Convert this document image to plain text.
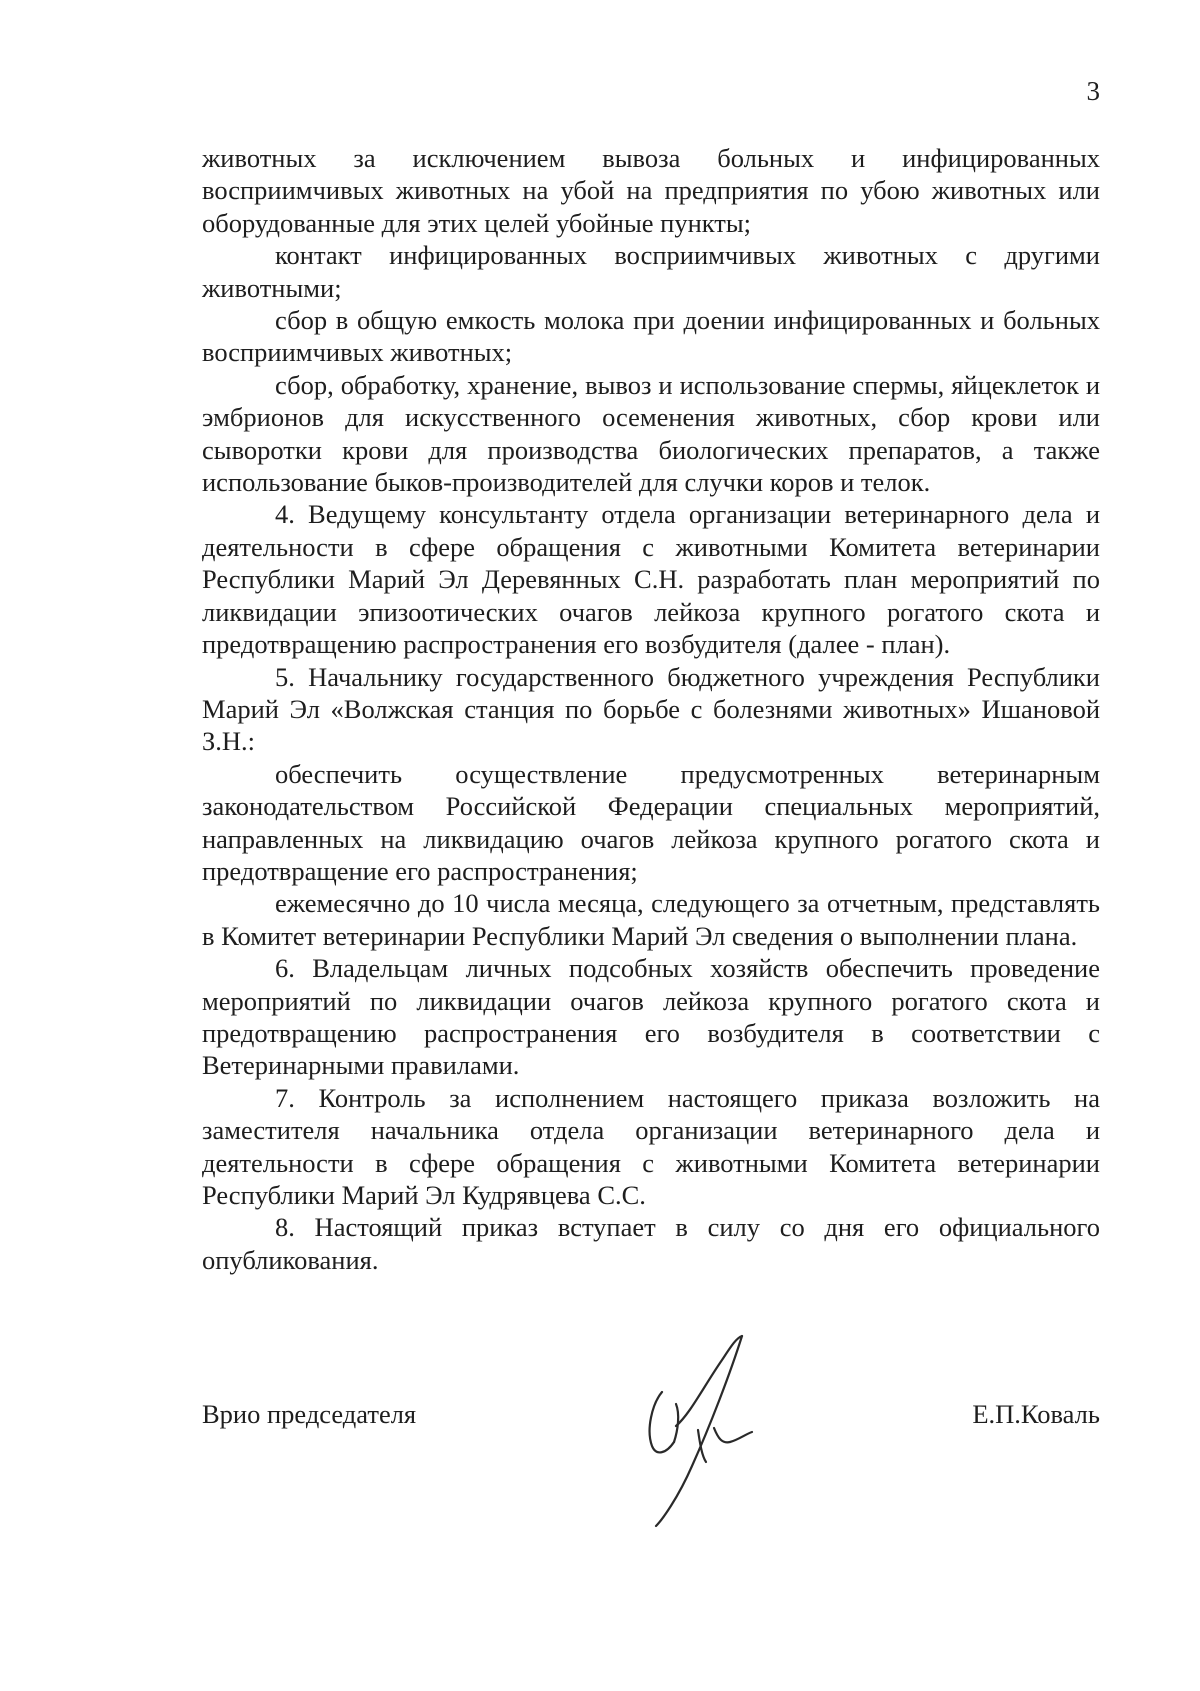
3

животных за исключением вывоза больных и инфицированных восприимчивых животных на убой на предприятия по убою животных или оборудованные для этих целей убойные пункты;

контакт инфицированных восприимчивых животных с другими животными;

сбор в общую емкость молока при доении инфицированных и больных восприимчивых животных;

сбор, обработку, хранение, вывоз и использование спермы, яйцеклеток и эмбрионов для искусственного осеменения животных, сбор крови или сыворотки крови для производства биологических препаратов, а также использование быков-производителей для случки коров и телок.

4. Ведущему консультанту отдела организации ветеринарного дела и деятельности в сфере обращения с животными Комитета ветеринарии Республики Марий Эл Деревянных С.Н. разработать план мероприятий по ликвидации эпизоотических очагов лейкоза крупного рогатого скота и предотвращению распространения его возбудителя (далее - план).

5. Начальнику государственного бюджетного учреждения Республики Марий Эл «Волжская станция по борьбе с болезнями животных» Ишановой З.Н.:

обеспечить осуществление предусмотренных ветеринарным законодательством Российской Федерации специальных мероприятий, направленных на ликвидацию очагов лейкоза крупного рогатого скота и предотвращение его распространения;

ежемесячно до 10 числа месяца, следующего за отчетным, представлять в Комитет ветеринарии Республики Марий Эл сведения о выполнении плана.

6. Владельцам личных подсобных хозяйств обеспечить проведение мероприятий по ликвидации очагов лейкоза крупного рогатого скота и предотвращению распространения его возбудителя в соответствии с Ветеринарными правилами.

7. Контроль за исполнением настоящего приказа возложить на заместителя начальника отдела организации ветеринарного дела и деятельности в сфере обращения с животными Комитета ветеринарии Республики Марий Эл Кудрявцева С.С.

8. Настоящий приказ вступает в силу со дня его официального опубликования.

Врио председателя	Е.П.Коваль
